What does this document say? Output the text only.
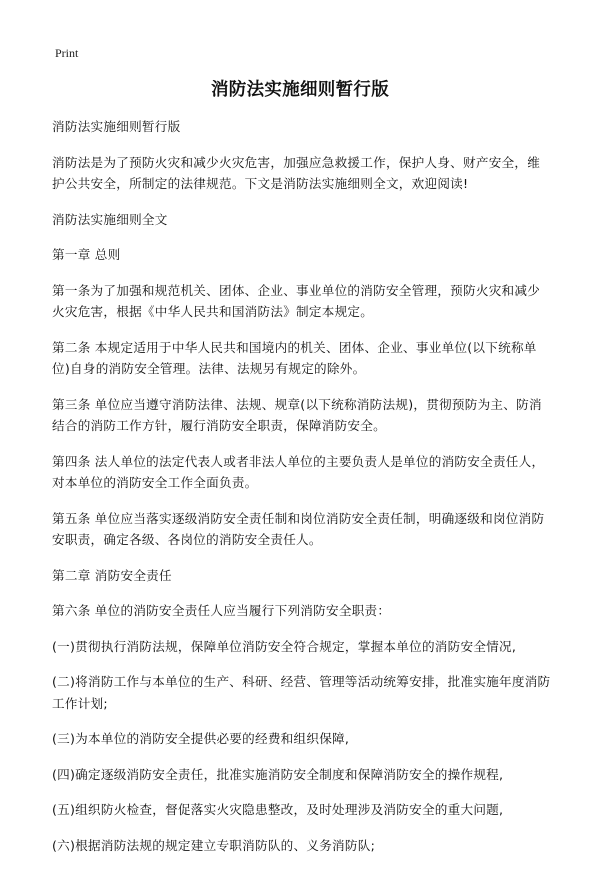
Print
消防法实施细则暂行版

消防法实施细则暂行版

消防法是为了预防火灾和减少火灾危害，加强应急救援工作，保护人身、财产安全，维护公共安全，所制定的法律规范。下文是消防法实施细则全文，欢迎阅读!

消防法实施细则全文

第一章 总则

第一条为了加强和规范机关、团体、企业、事业单位的消防安全管理，预防火灾和减少火灾危害，根据《中华人民共和国消防法》制定本规定。

第二条 本规定适用于中华人民共和国境内的机关、团体、企业、事业单位(以下统称单位)自身的消防安全管理。法律、法规另有规定的除外。

第三条 单位应当遵守消防法律、法规、规章(以下统称消防法规)，贯彻预防为主、防消结合的消防工作方针，履行消防安全职责，保障消防安全。

第四条 法人单位的法定代表人或者非法人单位的主要负责人是单位的消防安全责任人，对本单位的消防安全工作全面负责。

第五条 单位应当落实逐级消防安全责任制和岗位消防安全责任制，明确逐级和岗位消防安职责，确定各级、各岗位的消防安全责任人。

第二章 消防安全责任

第六条 单位的消防安全责任人应当履行下列消防安全职责：

(一)贯彻执行消防法规，保障单位消防安全符合规定，掌握本单位的消防安全情况,

(二)将消防工作与本单位的生产、科研、经营、管理等活动统筹安排，批准实施年度消防工作计划;

(三)为本单位的消防安全提供必要的经费和组织保障,

(四)确定逐级消防安全责任，批准实施消防安全制度和保障消防安全的操作规程,

(五)组织防火检查，督促落实火灾隐患整改，及时处理涉及消防安全的重大问题,

(六)根据消防法规的规定建立专职消防队的、义务消防队;
